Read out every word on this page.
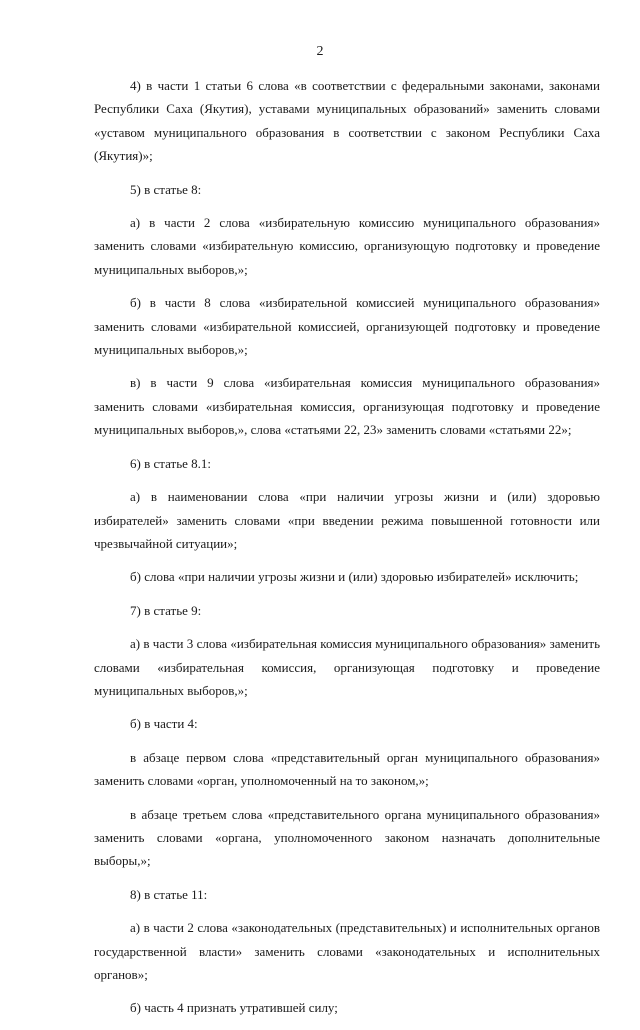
2

4) в части 1 статьи 6 слова «в соответствии с федеральными законами, законами Республики Саха (Якутия), уставами муниципальных образований» заменить словами «уставом муниципального образования в соответствии с законом Республики Саха (Якутия)»;

5) в статье 8:

а) в части 2 слова «избирательную комиссию муниципального образования» заменить словами «избирательную комиссию, организующую подготовку и проведение муниципальных выборов,»;

б) в части 8 слова «избирательной комиссией муниципального образования» заменить словами «избирательной комиссией, организующей подготовку и проведение муниципальных выборов,»;

в) в части 9 слова «избирательная комиссия муниципального образования» заменить словами «избирательная комиссия, организующая подготовку и проведение муниципальных выборов,», слова «статьями 22, 23» заменить словами «статьями 22»;

6) в статье 8.1:

а) в наименовании слова «при наличии угрозы жизни и (или) здоровью избирателей» заменить словами «при введении режима повышенной готовности или чрезвычайной ситуации»;

б) слова «при наличии угрозы жизни и (или) здоровью избирателей» исключить;

7) в статье 9:

а) в части 3 слова «избирательная комиссия муниципального образования» заменить словами «избирательная комиссия, организующая подготовку и проведение муниципальных выборов,»;

б) в части 4:

в абзаце первом слова «представительный орган муниципального образования» заменить словами «орган, уполномоченный на то законом,»;

в абзаце третьем слова «представительного органа муниципального образования» заменить словами «органа, уполномоченного законом назначать дополнительные выборы,»;

8) в статье 11:

а) в части 2 слова «законодательных (представительных) и исполнительных органов государственной власти» заменить словами «законодательных и исполнительных органов»;

б) часть 4 признать утратившей силу;
